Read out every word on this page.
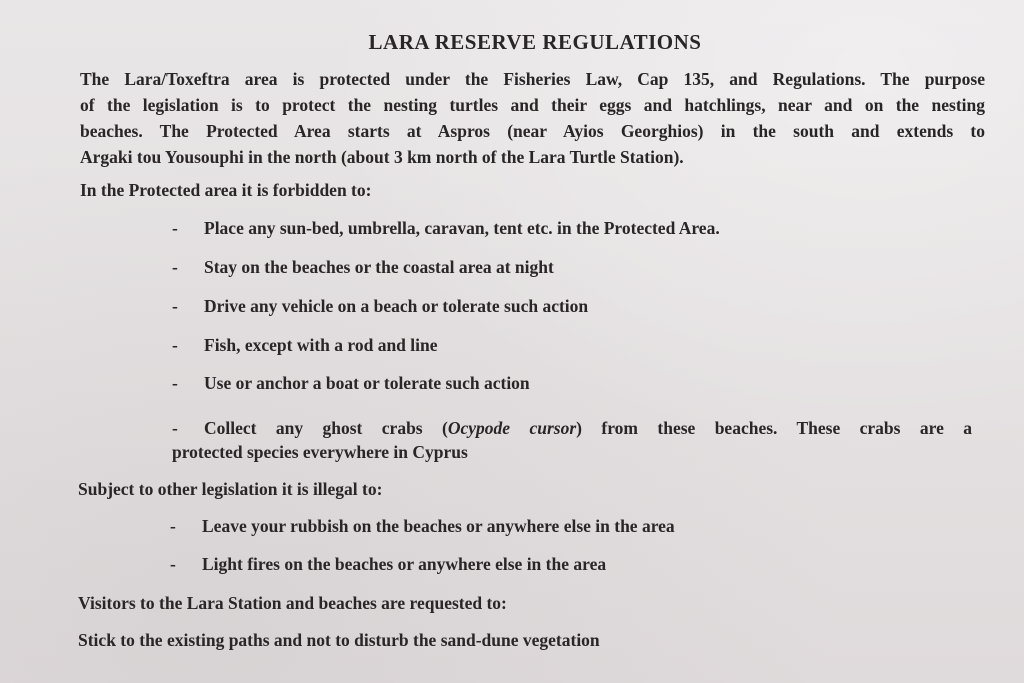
LARA RESERVE REGULATIONS

The Lara/Toxeftra area is protected under the Fisheries Law, Cap 135, and Regulations. The purpose
of the legislation is to protect the nesting turtles and their eggs and hatchlings, near and on the nesting
beaches. The Protected Area starts at Aspros (near Ayios Georghios) in the south and extends to
Argaki tou Yousouphi in the north (about 3 km north of the Lara Turtle Station).

In the Protected area it is forbidden to:

- Place any sun-bed, umbrella, caravan, tent etc. in the Protected Area.

- Stay on the beaches or the coastal area at night

- Drive any vehicle on a beach or tolerate such action

- Fish, except with a rod and line

- Use or anchor a boat or tolerate such action

- Collect any ghost crabs (Ocypode cursor) from these beaches. These crabs are a
protected species everywhere in Cyprus

Subject to other legislation it is illegal to:

- Leave your rubbish on the beaches or anywhere else in the area

- Light fires on the beaches or anywhere else in the area

Visitors to the Lara Station and beaches are requested to:

Stick to the existing paths and not to disturb the sand-dune vegetation
